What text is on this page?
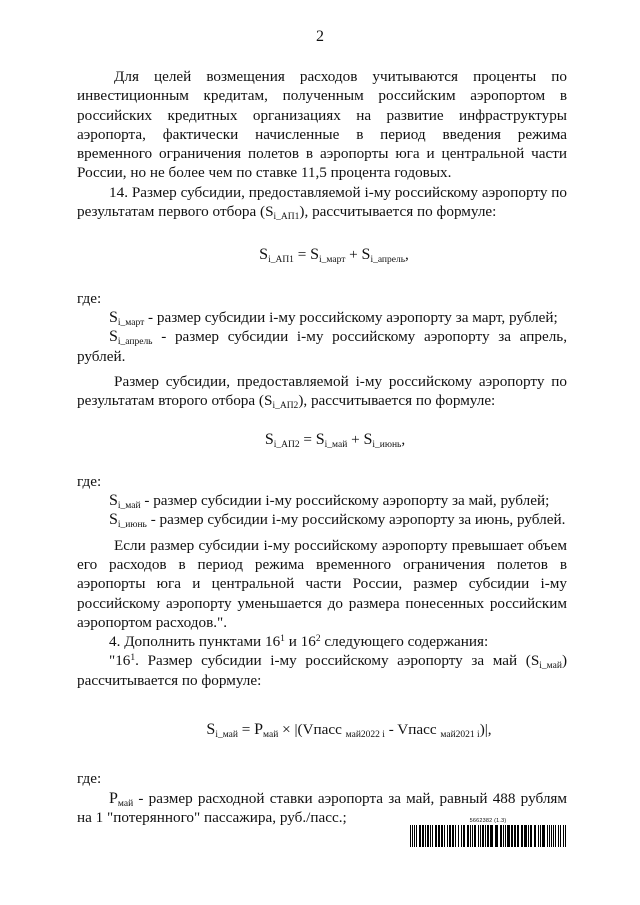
2

Для целей возмещения расходов учитываются проценты по инвестиционным кредитам, полученным российским аэропортом в российских кредитных организациях на развитие инфраструктуры аэропорта, фактически начисленные в период введения режима временного ограничения полетов в аэропорты юга и центральной части России, но не более чем по ставке 11,5 процента годовых.

14. Размер субсидии, предоставляемой i-му российскому аэропорту по результатам первого отбора $(S_{i\_АП1})$, рассчитывается по формуле:

$S_{i\_АП1} = S_{i\_март} + S_{i\_апрель}$,

где:

$S_{i\_март}$ - размер субсидии i-му российскому аэропорту за март, рублей;

$S_{i\_апрель}$ - размер субсидии i-му российскому аэропорту за апрель, рублей.

Размер субсидии, предоставляемой i-му российскому аэропорту по результатам второго отбора $(S_{i\_АП2})$, рассчитывается по формуле:

$S_{i\_АП2} = S_{i\_май} + S_{i\_июнь}$,

где:

$S_{i\_май}$ - размер субсидии i-му российскому аэропорту за май, рублей;

$S_{i\_июнь}$ - размер субсидии i-му российскому аэропорту за июнь, рублей.

Если размер субсидии i-му российскому аэропорту превышает объем его расходов в период режима временного ограничения полетов в аэропорты юга и центральной части России, размер субсидии i-му российскому аэропорту уменьшается до размера понесенных российским аэропортом расходов.".

4. Дополнить пунктами $16^1$ и $16^2$ следующего содержания:

"$16^1$. Размер субсидии i-му российскому аэропорту за май $(S_{i\_май})$ рассчитывается по формуле:

$S_{i\_май} = P_{май}$ × |(Vпасс $_{май2022 i}$ - Vпасс $_{май2021 i}$)|,

где:

$P_{май}$ - размер расходной ставки аэропорта за май, равный 488 рублям на 1 "потерянного" пассажира, руб./пасс.;	5662382 (1.3)
